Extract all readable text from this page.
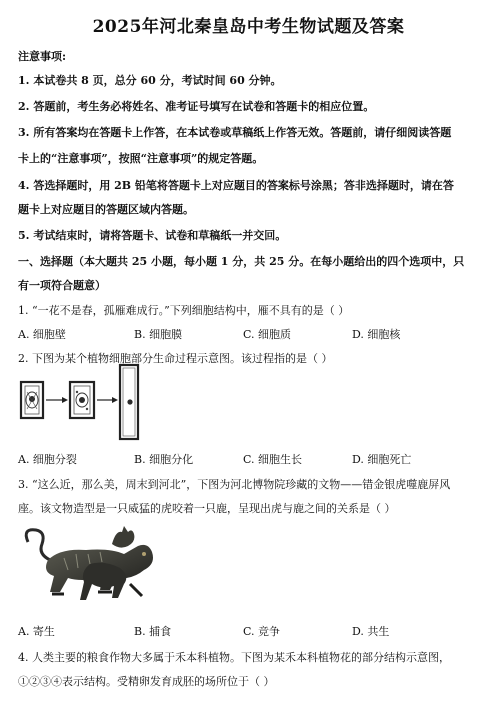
2025年河北秦皇岛中考生物试题及答案
注意事项:
1. 本试卷共 8 页，总分 60 分，考试时间 60 分钟。
2. 答题前，考生务必将姓名、准考证号填写在试卷和答题卡的相应位置。
3. 所有答案均在答题卡上作答，在本试卷或草稿纸上作答无效。答题前，请仔细阅读答题
卡上的“注意事项”，按照“注意事项”的规定答题。
4. 答选择题时，用 2B 铅笔将答题卡上对应题目的答案标号涂黑；答非选择题时，请在答
题卡上对应题目的答题区域内答题。
5. 考试结束时，请将答题卡、试卷和草稿纸一并交回。
一、选择题（本大题共 25 小题，每小题 1 分，共 25 分。在每小题给出的四个选项中，只
有一项符合题意）
1. “一花不是春，孤雁难成行。”下列细胞结构中，雁不具有的是（ ）
A. 细胞壁	B. 细胞膜	C. 细胞质	D. 细胞核
2. 下图为某个植物细胞部分生命过程示意图。该过程指的是（ ）
A. 细胞分裂	B. 细胞分化	C. 细胞生长	D. 细胞死亡
3. “这么近，那么美，周末到河北”，下图为河北博物院珍藏的文物——错金银虎噬鹿屏风
座。该文物造型是一只威猛的虎咬着一只鹿，呈现出虎与鹿之间的关系是（ ）
A. 寄生	B. 捕食	C. 竞争	D. 共生
4. 人类主要的粮食作物大多属于禾本科植物。下图为某禾本科植物花的部分结构示意图，
①②③④表示结构。受精卵发育成胚的场所位于（ ）
